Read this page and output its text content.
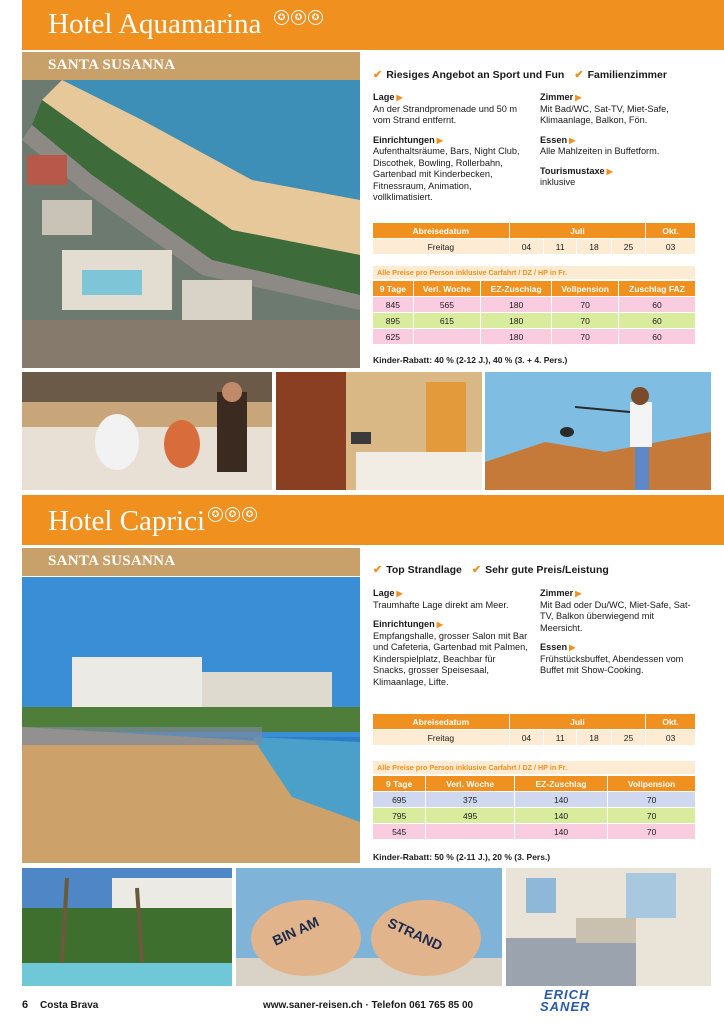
Hotel Aquamarina	✪	✪	✪
SANTA SUSANNA
✔ Riesiges Angebot an Sport und Fun ✔ Familienzimmer
Lage ▶

An der Strandpromenade und 50 m vom Strand entfernt.

Einrichtungen ▶

Aufenthaltsräume, Bars, Night Club, Discothek, Bowling, Rollerbahn, Gartenbad mit Kinderbecken, Fitnessraum, Animation, vollklimatisiert.

Zimmer ▶

Mit Bad/WC, Sat-TV, Miet-Safe, Klimaanlage, Balkon, Fön.

Essen ▶

Alle Mahlzeiten in Buffetform.

Tourismustaxe ▶

inklusive

Abreisedatum	Juli				Okt.
Freitag	04	11	18	25	03
Alle Preise pro Person inklusive Carfahrt / DZ / HP in Fr.
9 Tage	Verl. Woche	EZ-Zuschlag	Vollpension	Zuschlag FAZ
845	565	180	70	60
895	615	180	70	60
625		180	70	60
Kinder-Rabatt: 40 % (2-12 J.), 40 % (3. + 4. Pers.)
Hotel Caprici ✪	✪	✪
SANTA SUSANNA
✔ Top Strandlage ✔ Sehr gute Preis/Leistung
Lage ▶

Traumhafte Lage direkt am Meer.

Einrichtungen ▶

Empfangshalle, grosser Salon mit Bar und Cafeteria, Gartenbad mit Palmen, Kinderspielplatz, Beachbar für Snacks, grosser Speisesaal, Klimaanlage, Lifte.

Zimmer ▶

Mit Bad oder Du/WC, Miet-Safe, Sat-TV, Balkon überwiegend mit Meersicht.

Essen ▶

Frühstücksbuffet, Abendessen vom Buffet mit Show-Cooking.

Abreisedatum	Juli				Okt.
Freitag	04	11	18	25	03
Alle Preise pro Person inklusive Carfahrt / DZ / HP in Fr.
9 Tage	Verl. Woche	EZ-Zuschlag	Vollpension
695	375	140	70
795	495	140	70
545		140	70
Kinder-Rabatt: 50 % (2-11 J.), 20 % (3. Pers.)
BIN AM	STRAND
6 Costa Brava	www.saner-reisen.ch · Telefon 061 765 85 00
ERICH
SANER
